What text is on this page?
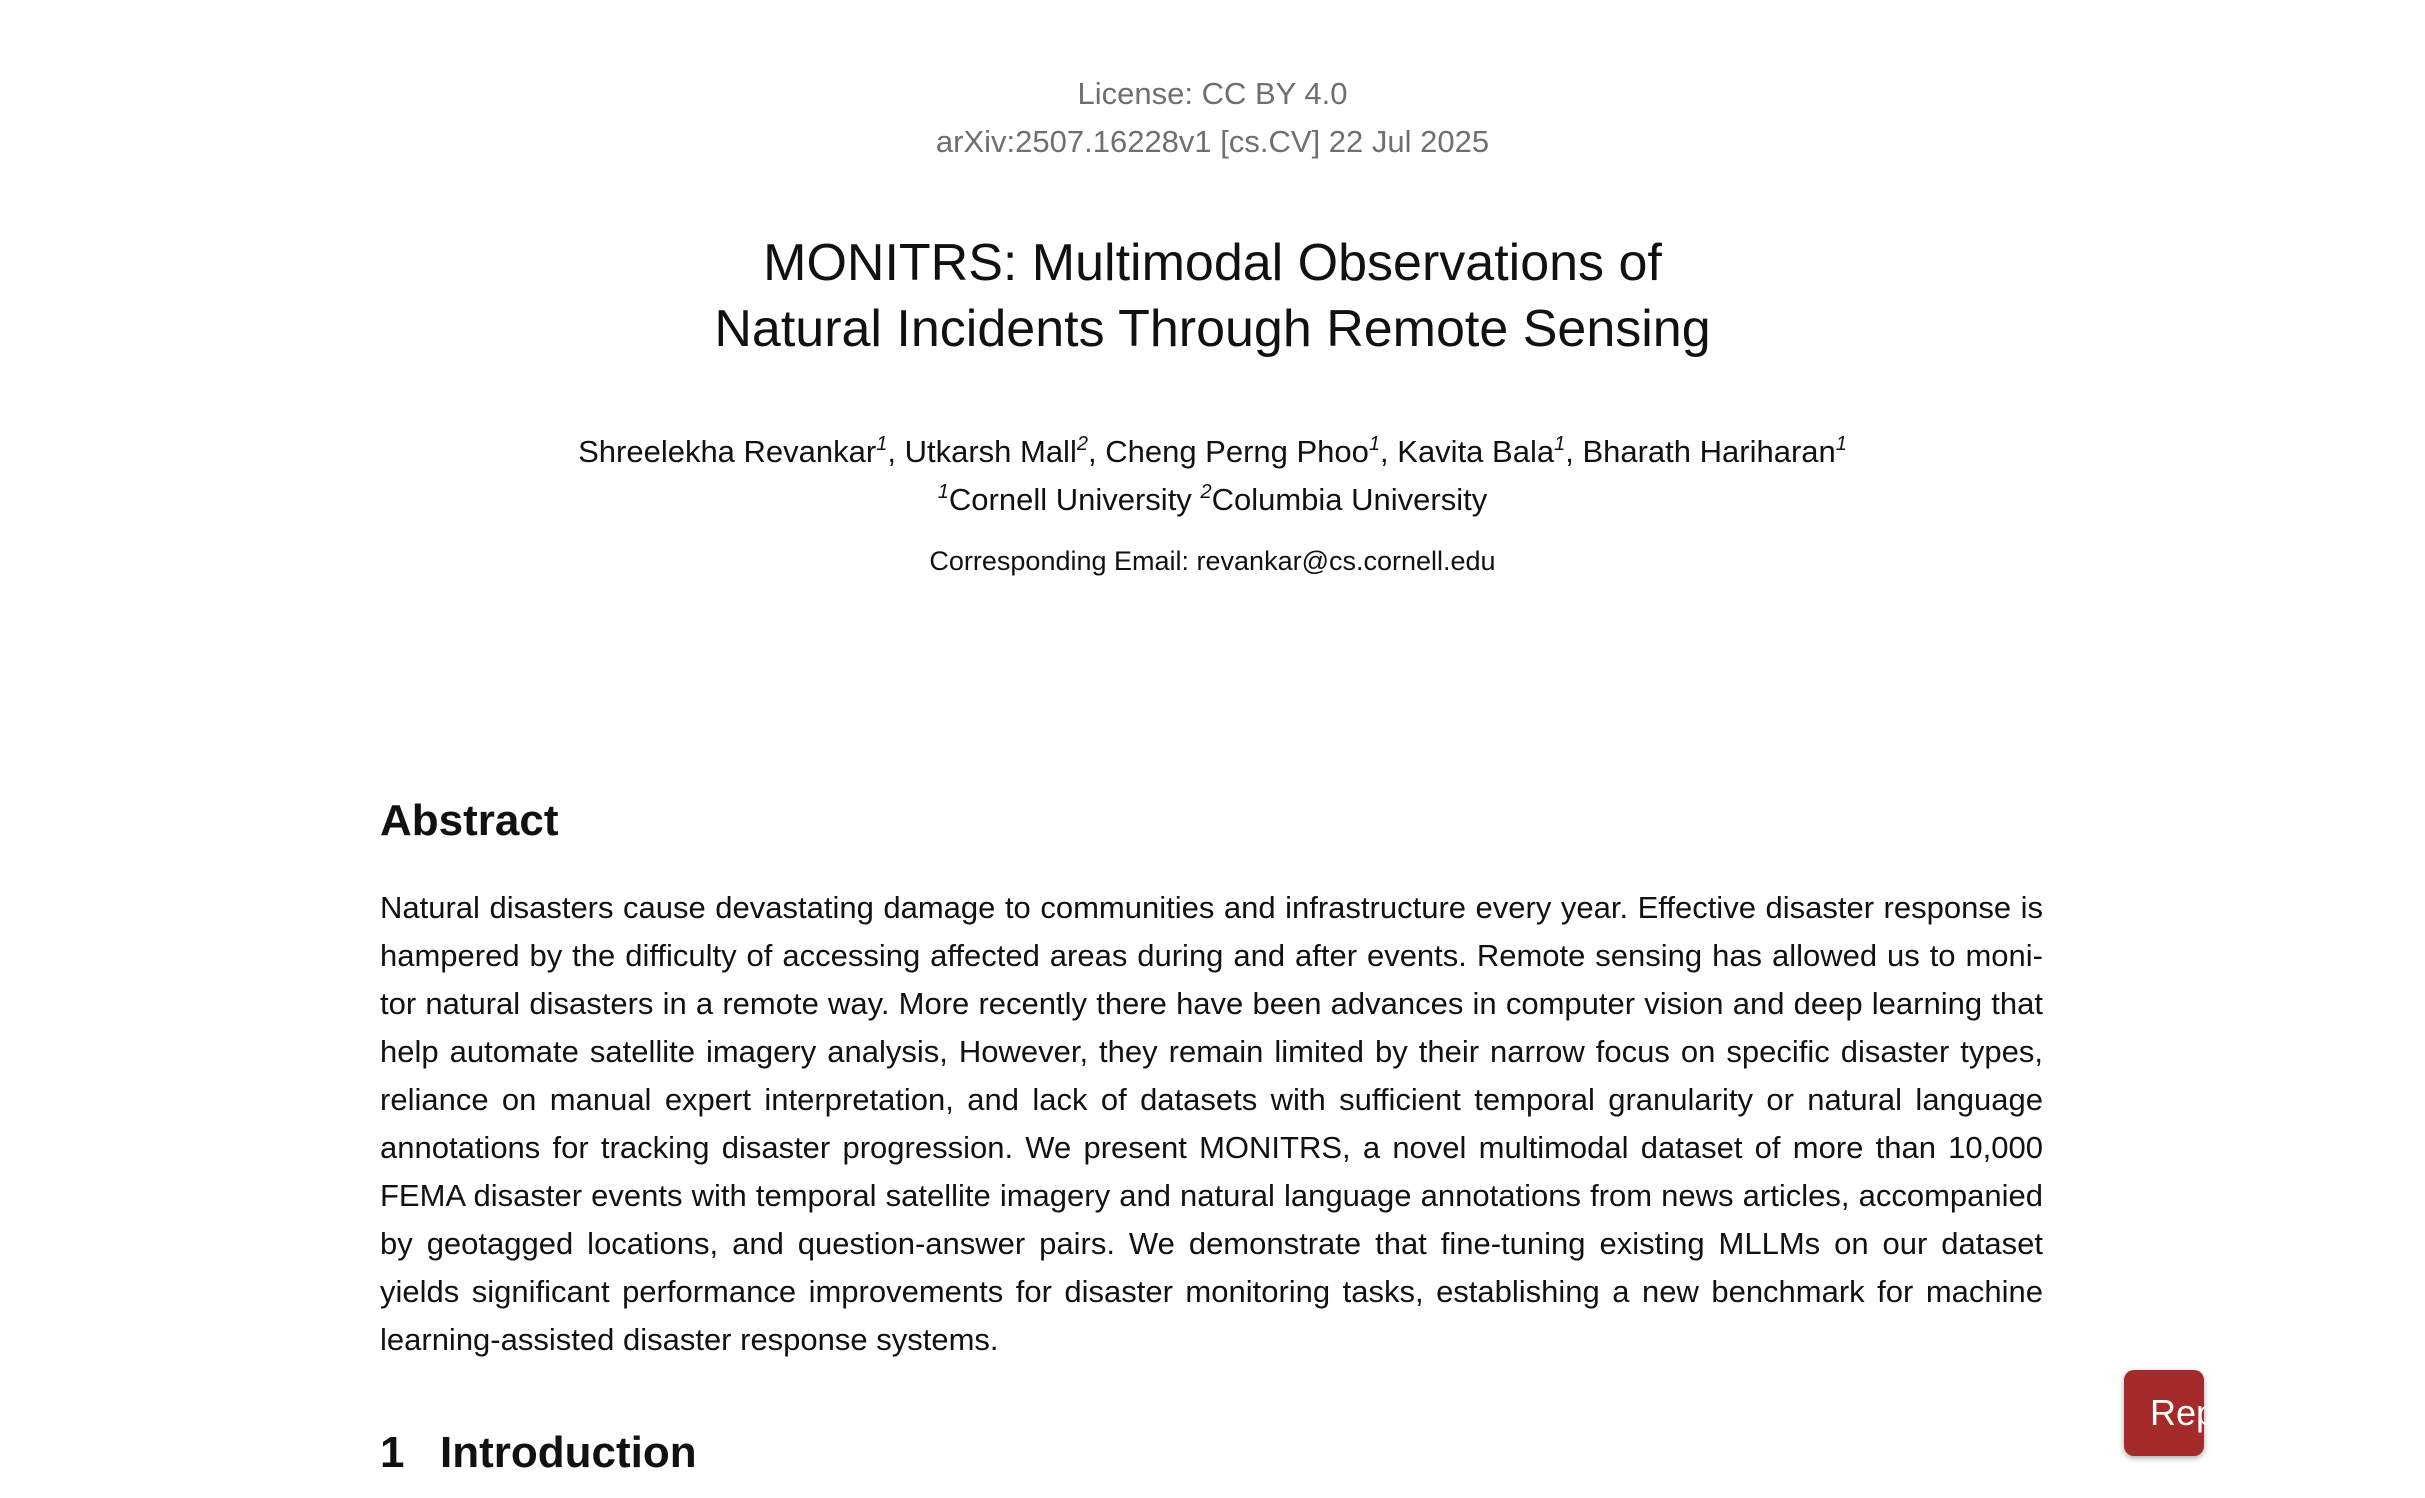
License: CC BY 4.0
arXiv:2507.16228v1 [cs.CV] 22 Jul 2025
MONITRS: Multimodal Observations of
Natural Incidents Through Remote Sensing
Shreelekha Revankar$^1$, Utkarsh Mall$^2$, Cheng Perng Phoo$^1$, Kavita Bala$^1$, Bharath Hariharan$^1$
$^1$Cornell University $^2$Columbia University
Corresponding Email: revankar@cs.cornell.edu
Abstract

Natural disasters cause devastating damage to communities and infrastructure every year. Effective disaster response is hampered by the difficulty of accessing affected areas during and after events. Remote sensing has allowed us to monitor natural disasters in a remote way. More recently there have been advances in computer vision and deep learning that help automate satellite imagery analysis, However, they remain limited by their narrow focus on specific disaster types, reliance on manual expert interpretation, and lack of datasets with sufficient temporal granularity or natural language annotations for tracking disaster progression. We present MONITRS, a novel multimodal dataset of more than 10,000 FEMA disaster events with temporal satellite imagery and natural language annotations from news articles, accompanied by geotagged locations, and question-answer pairs. We demonstrate that fine-tuning existing MLLMs on our dataset yields significant performance improvements for disaster monitoring tasks, establishing a new benchmark for machine learning-assisted disaster response systems.

1 Introduction
Report Issue
